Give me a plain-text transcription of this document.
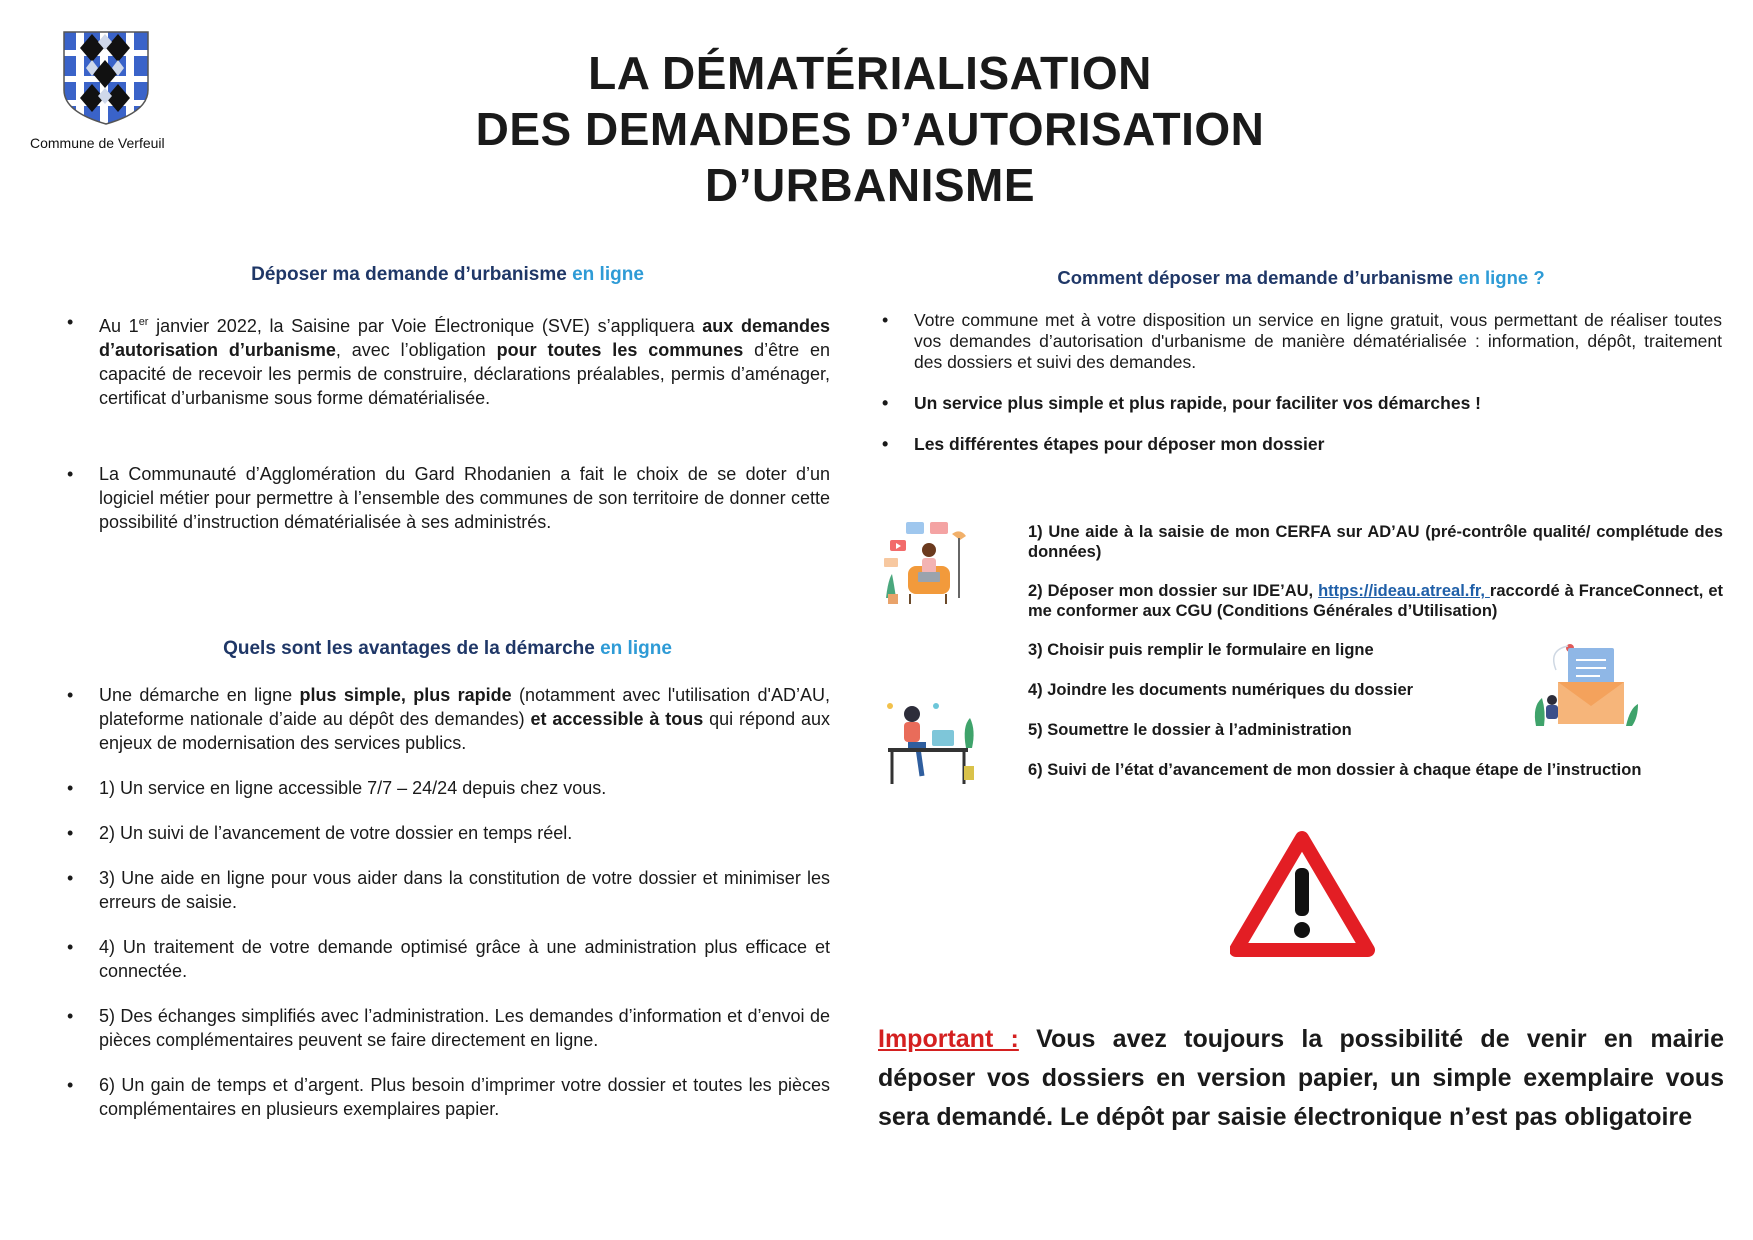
Commune de Verfeuil
LA DÉMATÉRIALISATION
DES DEMANDES D’AUTORISATION
D’URBANISME
Déposer ma demande d’urbanisme en ligne
• Au 1er janvier 2022, la Saisine par Voie Électronique (SVE) s’appliquera aux demandes d’autorisation d’urbanisme, avec l’obligation pour toutes les communes d’être en capacité de recevoir les permis de construire, déclarations préalables, permis d’aménager, certificat d’urbanisme sous forme dématérialisée.
• La Communauté d’Agglomération du Gard Rhodanien a fait le choix de se doter d’un logiciel métier pour permettre à l’ensemble des communes de son territoire de donner cette possibilité d’instruction dématérialisée à ses administrés.
Quels sont les avantages de la démarche en ligne
• Une démarche en ligne plus simple, plus rapide (notamment avec l'utilisation d'AD’AU, plateforme nationale d’aide au dépôt des demandes) et accessible à tous qui répond aux enjeux de modernisation des services publics.
• 1) Un service en ligne accessible 7/7 – 24/24 depuis chez vous.
• 2) Un suivi de l’avancement de votre dossier en temps réel.
• 3) Une aide en ligne pour vous aider dans la constitution de votre dossier et minimiser les erreurs de saisie.
• 4) Un traitement de votre demande optimisé grâce à une administration plus efficace et connectée.
• 5) Des échanges simplifiés avec l’administration. Les demandes d’information et d’envoi de pièces complémentaires peuvent se faire directement en ligne.
• 6) Un gain de temps et d’argent. Plus besoin d’imprimer votre dossier et toutes les pièces complémentaires en plusieurs exemplaires papier.
Comment déposer ma demande d’urbanisme en ligne ?
• Votre commune met à votre disposition un service en ligne gratuit, vous permettant de réaliser toutes vos demandes d’autorisation d'urbanisme de manière dématérialisée : information, dépôt, traitement des dossiers et suivi des demandes.
• Un service plus simple et plus rapide, pour faciliter vos démarches !
• Les différentes étapes pour déposer mon dossier
1) Une aide à la saisie de mon CERFA sur AD’AU (pré-contrôle qualité/ complétude des données)
2) Déposer mon dossier sur IDE’AU, https://ideau.atreal.fr, raccordé à FranceConnect, et me conformer aux CGU (Conditions Générales d’Utilisation)
3) Choisir puis remplir le formulaire en ligne
4) Joindre les documents numériques du dossier
5) Soumettre le dossier à l’administration
6) Suivi de l’état d’avancement de mon dossier à chaque étape de l’instruction
Important : Vous avez toujours la possibilité de venir en mairie déposer vos dossiers en version papier, un simple exemplaire vous sera demandé. Le dépôt par saisie électronique n’est pas obligatoire
